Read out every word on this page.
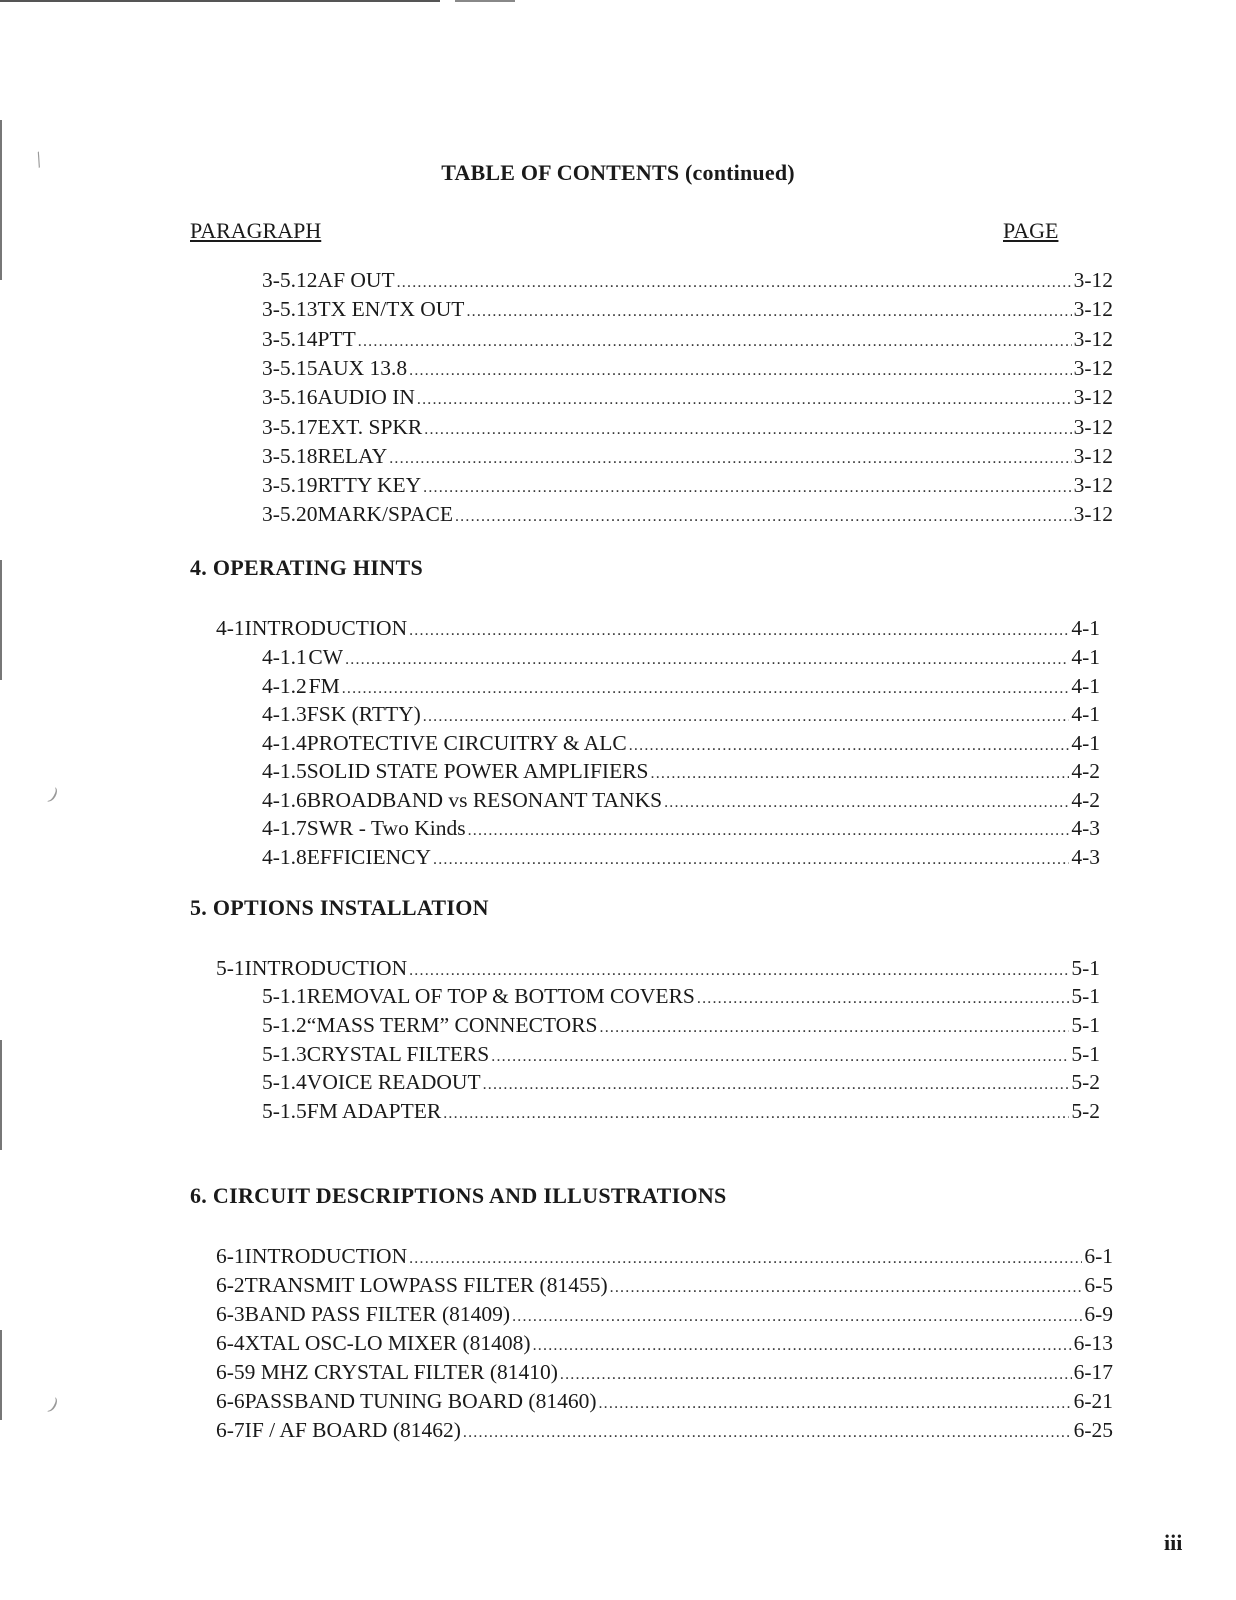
⁄
)
)
TABLE OF CONTENTS (continued)
PARAGRAPH	PAGE
3-5.12 AF OUT .....	3-12
3-5.13 TX EN/TX OUT .....	3-12
3-5.14 PTT .....	3-12
3-5.15 AUX 13.8 .....	3-12
3-5.16 AUDIO IN .....	3-12
3-5.17 EXT. SPKR .....	3-12
3-5.18 RELAY .....	3-12
3-5.19 RTTY KEY .....	3-12
3-5.20 MARK/SPACE .....	3-12
4. OPERATING HINTS
4-1 INTRODUCTION .....	4-1
4-1.1 CW .....	4-1
4-1.2 FM .....	4-1
4-1.3 FSK (RTTY) .....	4-1
4-1.4 PROTECTIVE CIRCUITRY & ALC .....	4-1
4-1.5 SOLID STATE POWER AMPLIFIERS .....	4-2
4-1.6 BROADBAND vs RESONANT TANKS .....	4-2
4-1.7 SWR - Two Kinds .....	4-3
4-1.8 EFFICIENCY .....	4-3
5. OPTIONS INSTALLATION
5-1 INTRODUCTION .....	5-1
5-1.1 REMOVAL OF TOP & BOTTOM COVERS .....	5-1
5-1.2 “MASS TERM” CONNECTORS .....	5-1
5-1.3 CRYSTAL FILTERS .....	5-1
5-1.4 VOICE READOUT .....	5-2
5-1.5 FM ADAPTER .....	5-2
6. CIRCUIT DESCRIPTIONS AND ILLUSTRATIONS
6-1 INTRODUCTION .....	6-1
6-2 TRANSMIT LOWPASS FILTER (81455) .....	6-5
6-3 BAND PASS FILTER (81409) .....	6-9
6-4 XTAL OSC-LO MIXER (81408) .....	6-13
6-5 9 MHZ CRYSTAL FILTER (81410) .....	6-17
6-6 PASSBAND TUNING BOARD (81460) .....	6-21
6-7 IF / AF BOARD (81462) .....	6-25
iii
